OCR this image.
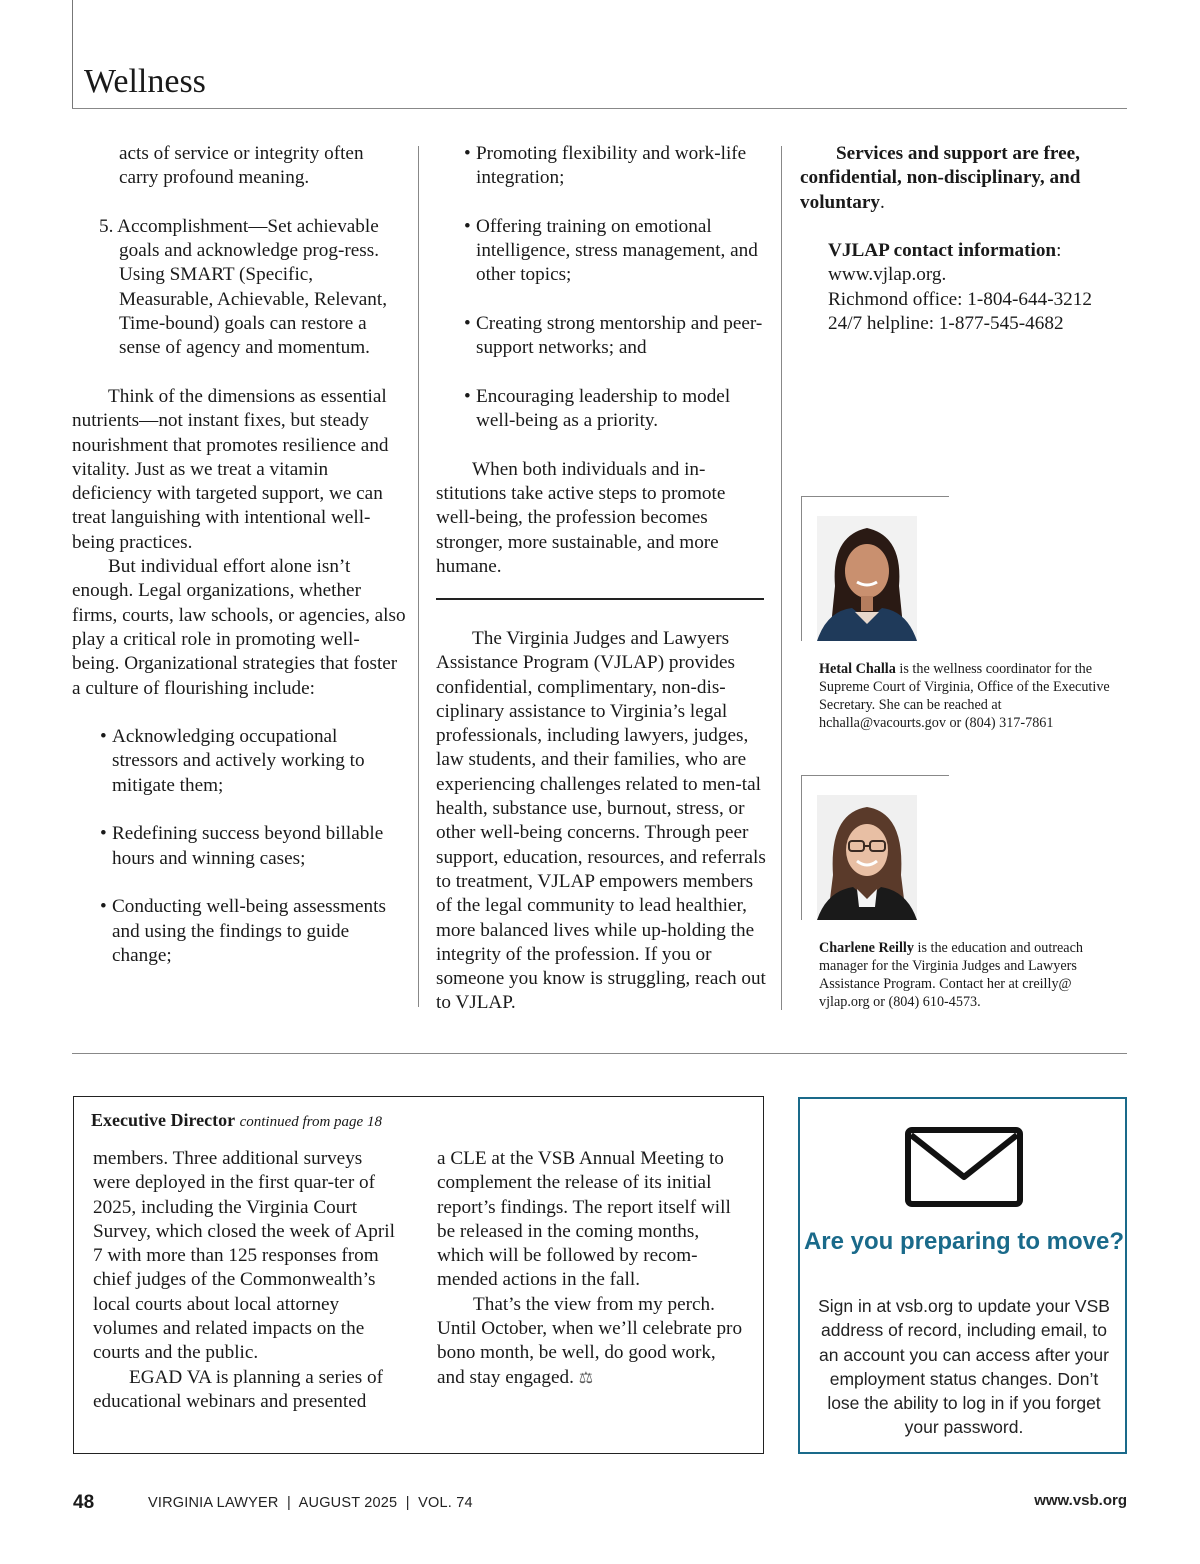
Wellness

acts of service or integrity often carry profound meaning.

5. Accomplishment—Set achievable goals and acknowledge prog-ress. Using SMART (Specific, Measurable, Achievable, Relevant, Time-bound) goals can restore a sense of agency and momentum.

Think of the dimensions as essential nutrients—not instant fixes, but steady nourishment that promotes resilience and vitality. Just as we treat a vitamin deficiency with targeted support, we can treat languishing with intentional well-being practices.

But individual effort alone isn’t enough. Legal organizations, whether firms, courts, law schools, or agencies, also play a critical role in promoting well-being. Organizational strategies that foster a culture of flourishing include:

• Acknowledging occupational stressors and actively working to mitigate them;
• Redefining success beyond billable hours and winning cases;
• Conducting well-being assessments and using the findings to guide change;
• Promoting flexibility and work-life integration;
• Offering training on emotional intelligence, stress management, and other topics;
• Creating strong mentorship and peer-support networks; and
• Encouraging leadership to model well-being as a priority.

When both individuals and in-stitutions take active steps to promote well-being, the profession becomes stronger, more sustainable, and more humane.

The Virginia Judges and Lawyers Assistance Program (VJLAP) provides confidential, complimentary, non-dis-ciplinary assistance to Virginia’s legal professionals, including lawyers, judges, law students, and their families, who are experiencing challenges related to men-tal health, substance use, burnout, stress, or other well-being concerns. Through peer support, education, resources, and referrals to treatment, VJLAP empowers members of the legal community to lead healthier, more balanced lives while up-holding the integrity of the profession. If you or someone you know is struggling, reach out to VJLAP.

Services and support are free, confidential, non-disciplinary, and voluntary.

VJLAP contact information:
www.vjlap.org.
Richmond office: 1-804-644-3212
24/7 helpline: 1-877-545-4682
Hetal Challa is the wellness coordinator for the Supreme Court of Virginia, Office of the Executive Secretary. She can be reached at hchalla@vacourts.gov or (804) 317-7861
Charlene Reilly is the education and outreach manager for the Virginia Judges and Lawyers Assistance Program. Contact her at creilly@ vjlap.org or (804) 610-4573.
Executive Director continued from page 18

members. Three additional surveys were deployed in the first quar-ter of 2025, including the Virginia Court Survey, which closed the week of April 7 with more than 125 responses from chief judges of the Commonwealth’s local courts about local attorney volumes and related impacts on the courts and the public.

EGAD VA is planning a series of educational webinars and presented

a CLE at the VSB Annual Meeting to complement the release of its initial report’s findings. The report itself will be released in the coming months, which will be followed by recom-mended actions in the fall.

That’s the view from my perch. Until October, when we’ll celebrate pro bono month, be well, do good work, and stay engaged. ⚖

Are you preparing to move?
Sign in at vsb.org to update your VSB address of record, including email, to an account you can access after your employment status changes. Don’t lose the ability to log in if you forget your password.
48	VIRGINIA LAWYER  |  AUGUST 2025  |  VOL. 74	www.vsb.org
